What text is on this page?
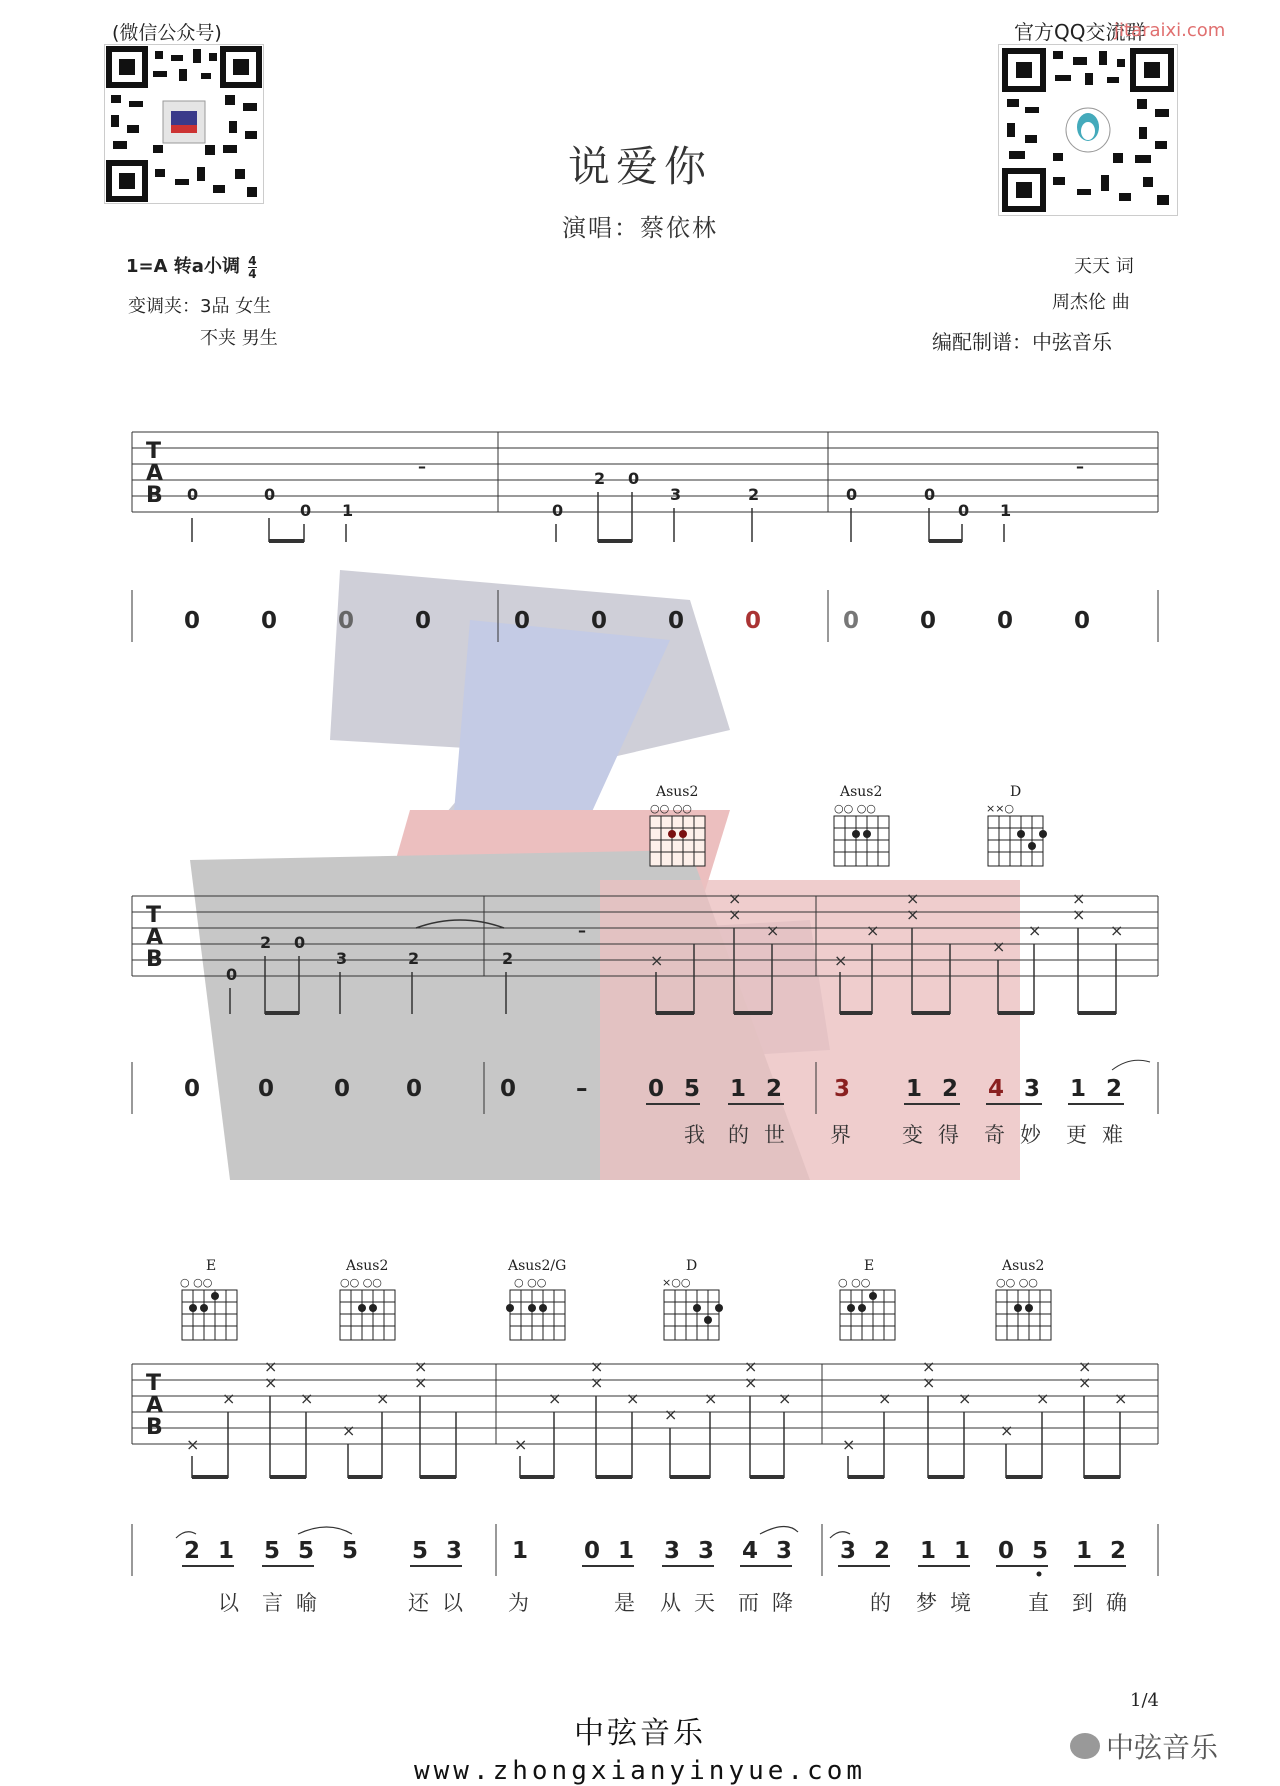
(微信公众号)	官方QQ交流群
jitaraixi.com
说爱你
演唱：蔡依林
1=A 转a小调 $\frac{4}{4}$
变调夹：3品 女生
不夹 男生
天天 词
周杰伦 曲
编配制谱：中弦音乐
T
A
B 0	0
0 1
–
0
2 0
3	2	0	0
0 1
–
0	0	0	0	0	0	0	0	0	0	0	0
Asus2
○○ ○○
Asus2
○○ ○○
D
××○
T
A
B
0
2 0
3	2	2
–
×
×
×
×
×
×
×
×
×
×
×
×
×
0	0	0 0	0	–	0 5 1 2 3 1 2 4 3 1 2
我 的 世 界 变 得 奇 妙 更 难
E
○ ○○
Asus2
○○ ○○
Asus2/G
○ ○○
D
×○○
E
○ ○○
Asus2
○○ ○○
T
A
B
×
×
×
×
×
×
×
×
×
×
×
×
×
×
×
×
×
×
×
×
×
×
×
×
×
×
×
×
×
2 1 5 5 5 5 3 1 0 1 3 3 4 3 3 2 1 1 0 5 1 2
以 言 喻	还 以 为	是 从 天 而 降	的 梦 境	直 到 确
1/4
中弦音乐
www.zhongxianyinyue.com
中弦音乐
